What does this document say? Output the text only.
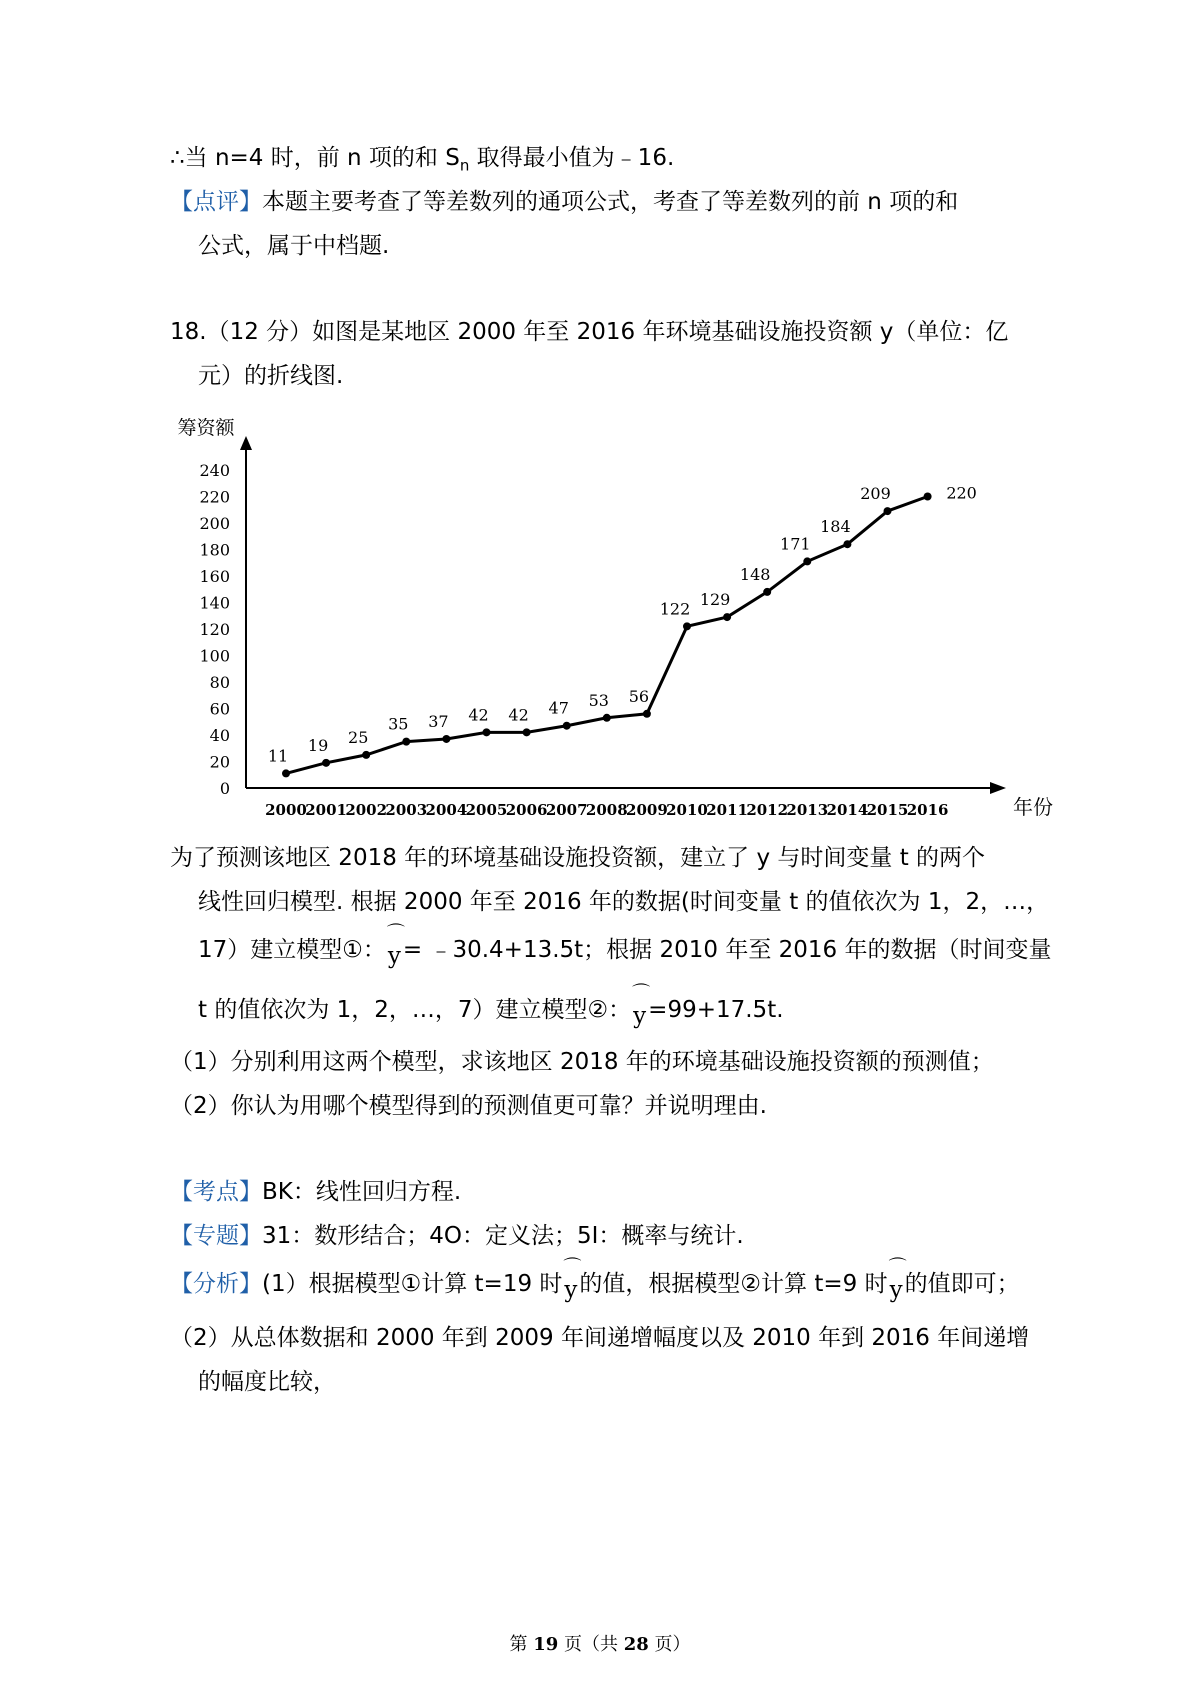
∴当 n=4 时，前 n 项的和 $S_n$ 取得最小值为﹣16.
【点评】本题主要考查了等差数列的通项公式，考查了等差数列的前 n 项的和
公式，属于中档题.
18.（12 分）如图是某地区 2000 年至 2016 年环境基础设施投资额 y（单位：亿
元）的折线图.
筹资额
年份
0
20
40
60
80
100
120
140
160
180
200
220
240
2000
2001
2002
2003
2004
2005
2006
2007
2008
2009
2010
2011
2012
2013
2014
2015
2016
11
19 25
35 37 42 42 47 53 56
122 129
148
171
184
209	220
为了预测该地区 2018 年的环境基础设施投资额，建立了 y 与时间变量 t 的两个
线性回归模型. 根据 2000 年至 2016 年的数据(时间变量 t 的值依次为 1，2，…，
17）建立模型①：⌒ y= ﹣30.4+13.5t；根据 2010 年至 2016 年的数据（时间变量
t 的值依次为 1，2，…，7）建立模型②：⌒ y=99+17.5t.
（1）分别利用这两个模型，求该地区 2018 年的环境基础设施投资额的预测值；
（2）你认为用哪个模型得到的预测值更可靠？并说明理由.
【考点】BK：线性回归方程.
【专题】31：数形结合；4O：定义法；5I：概率与统计.
【分析】(1）根据模型①计算 t=19 时⌒ y的值，根据模型②计算 t=9 时⌒ y的值即可；
（2）从总体数据和 2000 年到 2009 年间递增幅度以及 2010 年到 2016 年间递增
的幅度比较，
第 19 页（共 28 页）
